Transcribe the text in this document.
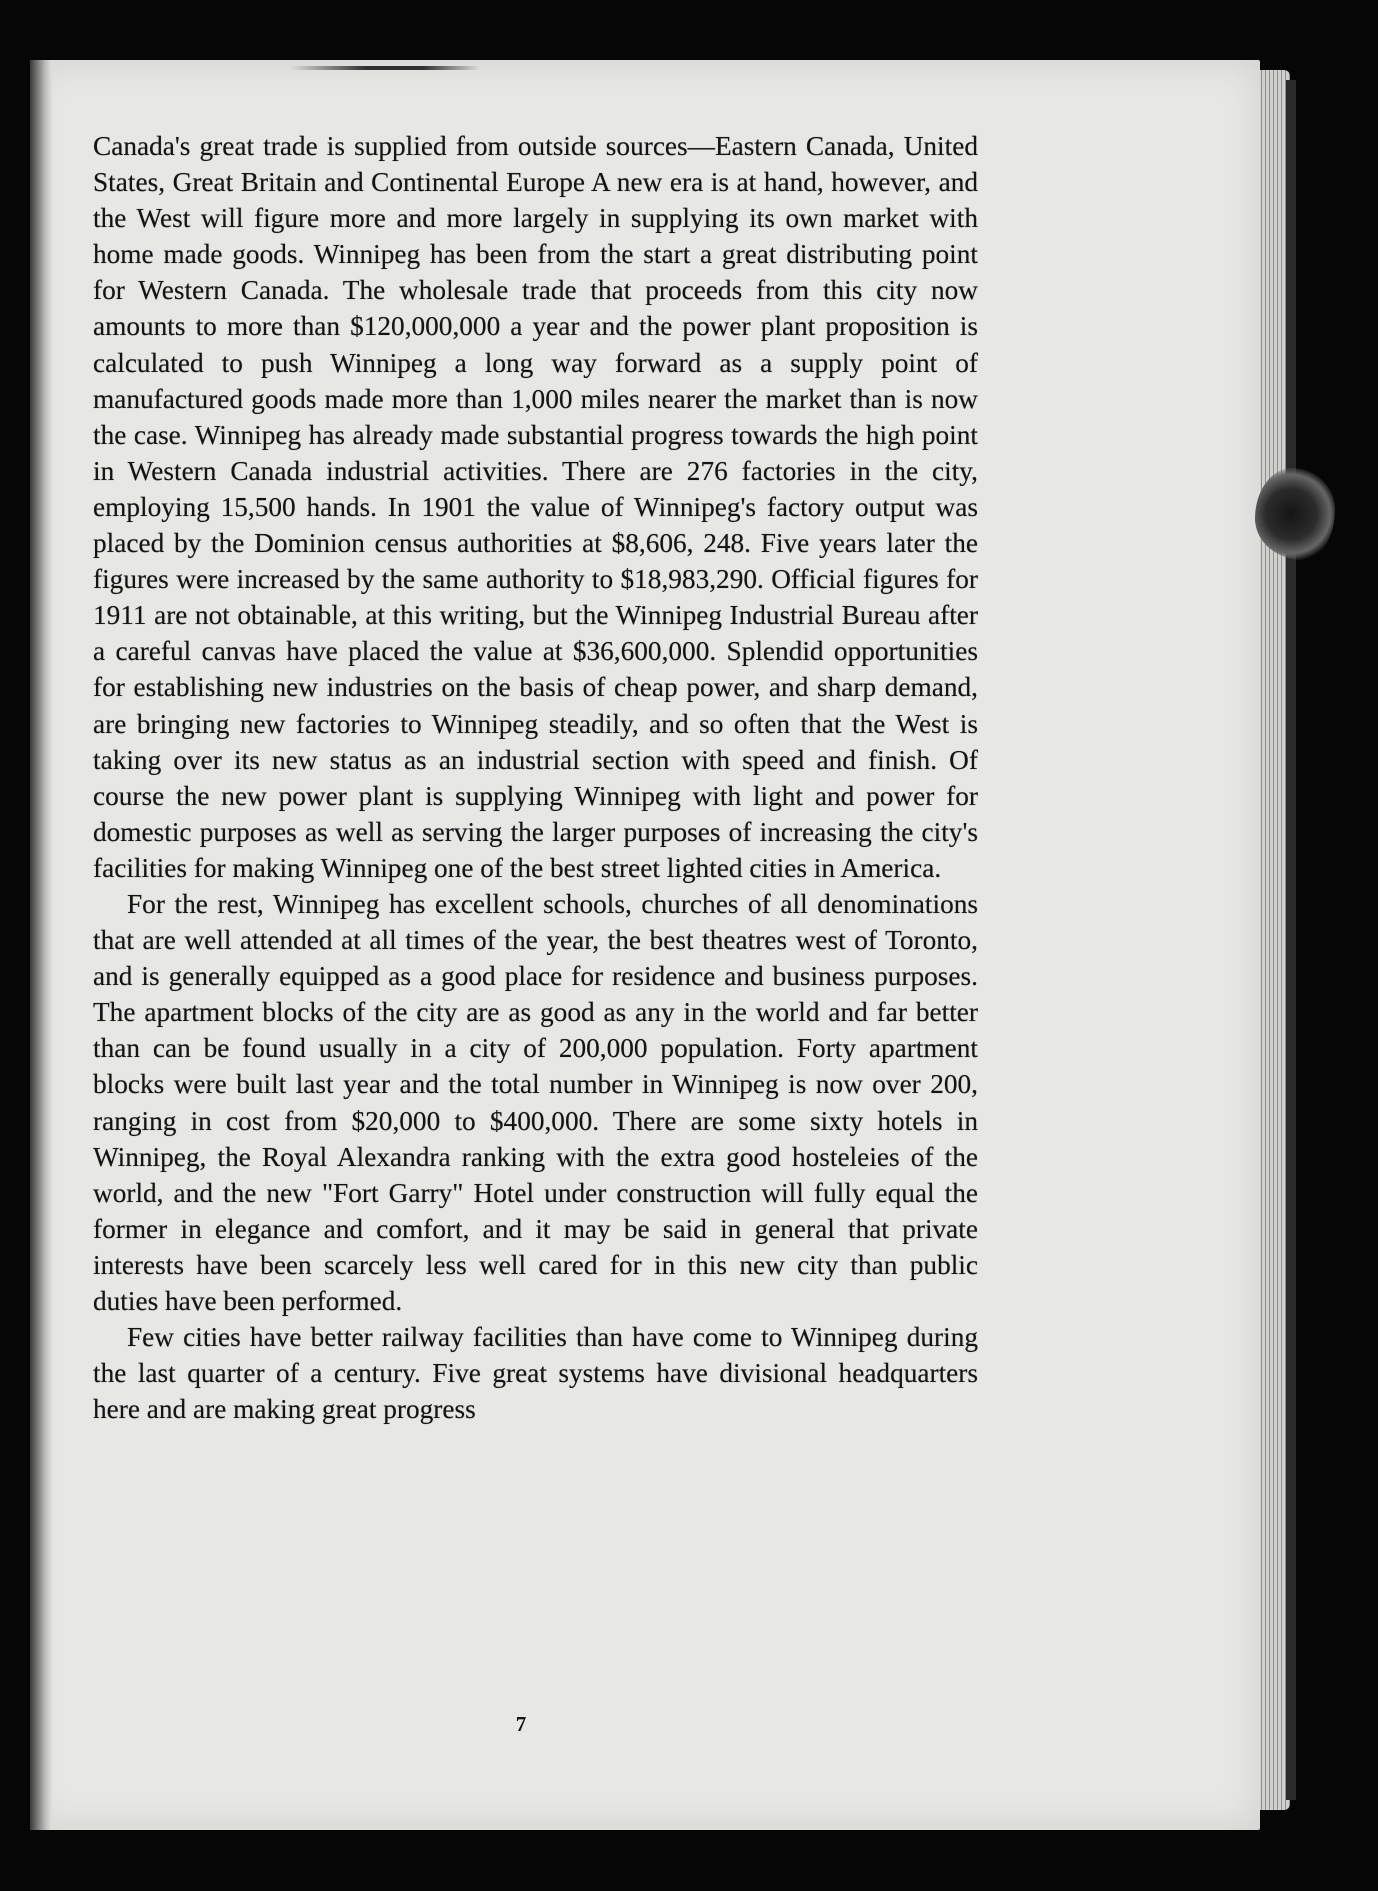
Canada's great trade is supplied from outside sources—Eastern Canada, United States, Great Britain and Continental Europe A new era is at hand, however, and the West will figure more and more largely in supplying its own market with home made goods. Winnipeg has been from the start a great distributing point for Western Canada. The wholesale trade that proceeds from this city now amounts to more than $120,000,000 a year and the power plant proposition is calculated to push Winnipeg a long way forward as a supply point of manufactured goods made more than 1,000 miles nearer the market than is now the case. Winnipeg has already made substantial progress towards the high point in Western Canada industrial activities. There are 276 factories in the city, employing 15,500 hands. In 1901 the value of Winnipeg's factory output was placed by the Dominion census authorities at $8,606, 248. Five years later the figures were increased by the same authority to $18,983,290. Official figures for 1911 are not obtainable, at this writing, but the Winnipeg Industrial Bureau after a careful canvas have placed the value at $36,600,000. Splendid opportunities for establishing new industries on the basis of cheap power, and sharp demand, are bringing new factories to Winnipeg steadily, and so often that the West is taking over its new status as an industrial section with speed and finish. Of course the new power plant is supplying Winnipeg with light and power for domestic purposes as well as serving the larger purposes of increasing the city's facilities for making Winnipeg one of the best street lighted cities in America.

For the rest, Winnipeg has excellent schools, churches of all denominations that are well attended at all times of the year, the best theatres west of Toronto, and is generally equipped as a good place for residence and business purposes. The apartment blocks of the city are as good as any in the world and far better than can be found usually in a city of 200,000 population. Forty apartment blocks were built last year and the total number in Winnipeg is now over 200, ranging in cost from $20,000 to $400,000. There are some sixty hotels in Winnipeg, the Royal Alexandra ranking with the extra good hosteleies of the world, and the new "Fort Garry" Hotel under construction will fully equal the former in elegance and comfort, and it may be said in general that private interests have been scarcely less well cared for in this new city than public duties have been performed.

Few cities have better railway facilities than have come to Winnipeg during the last quarter of a century. Five great systems have divisional headquarters here and are making great progress

7
